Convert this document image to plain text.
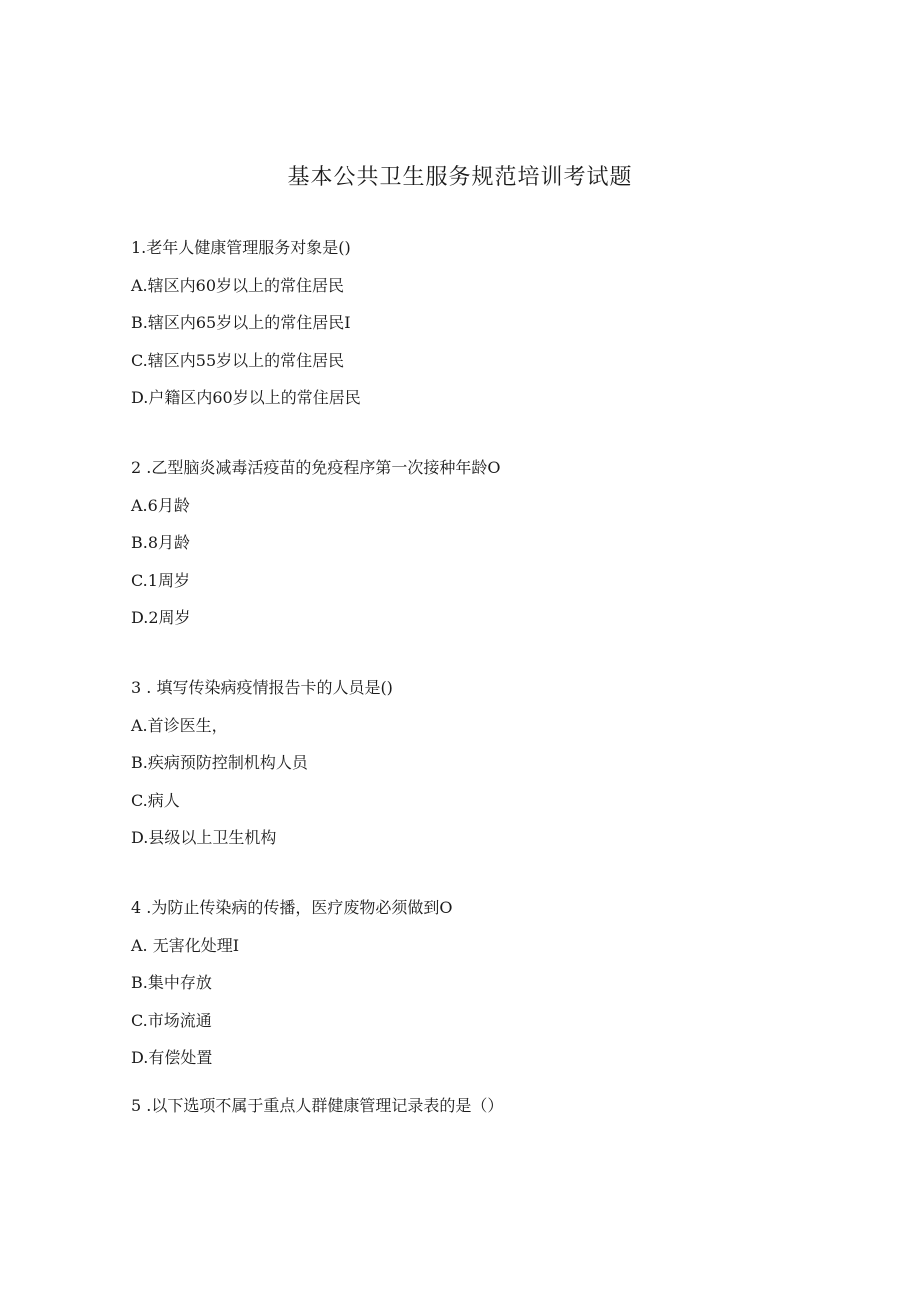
基本公共卫生服务规范培训考试题
1.老年人健康管理服务对象是()
A.辖区内60岁以上的常住居民
B.辖区内65岁以上的常住居民I
C.辖区内55岁以上的常住居民
D.户籍区内60岁以上的常住居民
2 .乙型脑炎减毒活疫苗的免疫程序第一次接种年龄O
A.6月龄
B.8月龄
C.1周岁
D.2周岁
3 . 填写传染病疫情报告卡的人员是()
A.首诊医生，
B.疾病预防控制机构人员
C.病人
D.县级以上卫生机构
4 .为防止传染病的传播，医疗废物必须做到O
A. 无害化处理I
B.集中存放
C.市场流通
D.有偿处置
5 .以下选项不属于重点人群健康管理记录表的是（）
